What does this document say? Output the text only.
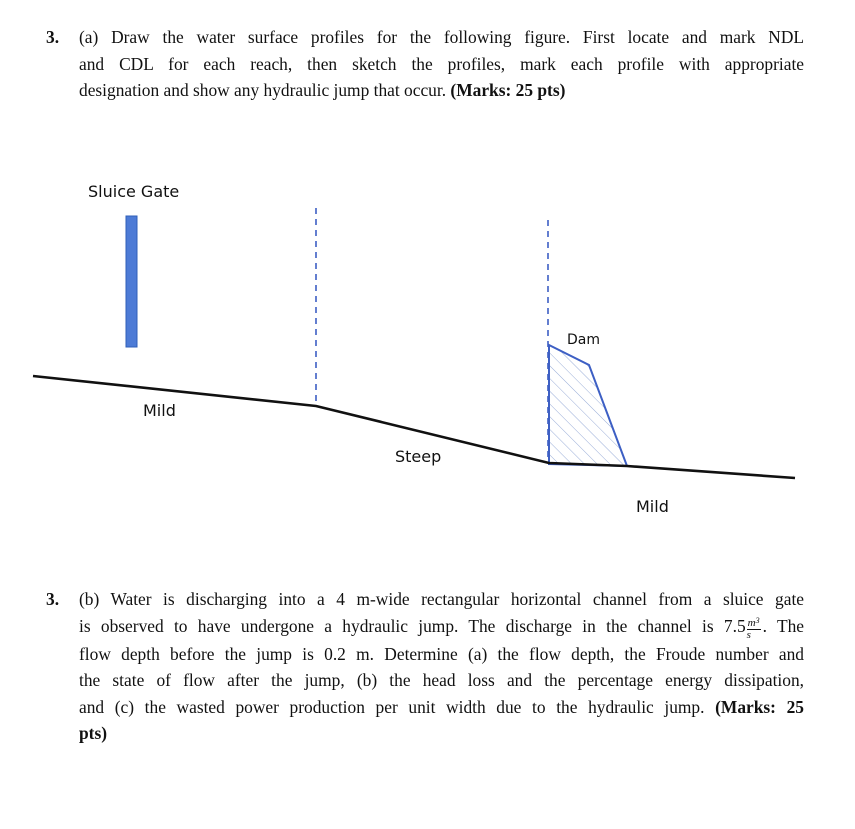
3. (a) Draw the water surface profiles for the following figure. First locate and mark NDL
and CDL for each reach, then sketch the profiles, mark each profile with appropriate
designation and show any hydraulic jump that occur. (Marks: 25 pts)
Sluice Gate
Dam
Mild
Steep
Mild
3. (b) Water is discharging into a 4 m-wide rectangular horizontal channel from a sluice gate
is observed to have undergone a hydraulic jump. The discharge in the channel is $7.5 \frac{m^3}{s}$ . The
flow depth before the jump is 0.2 m. Determine (a) the flow depth, the Froude number and
the state of flow after the jump, (b) the head loss and the percentage energy dissipation,
and (c) the wasted power production per unit width due to the hydraulic jump. (Marks: 25
pts)
